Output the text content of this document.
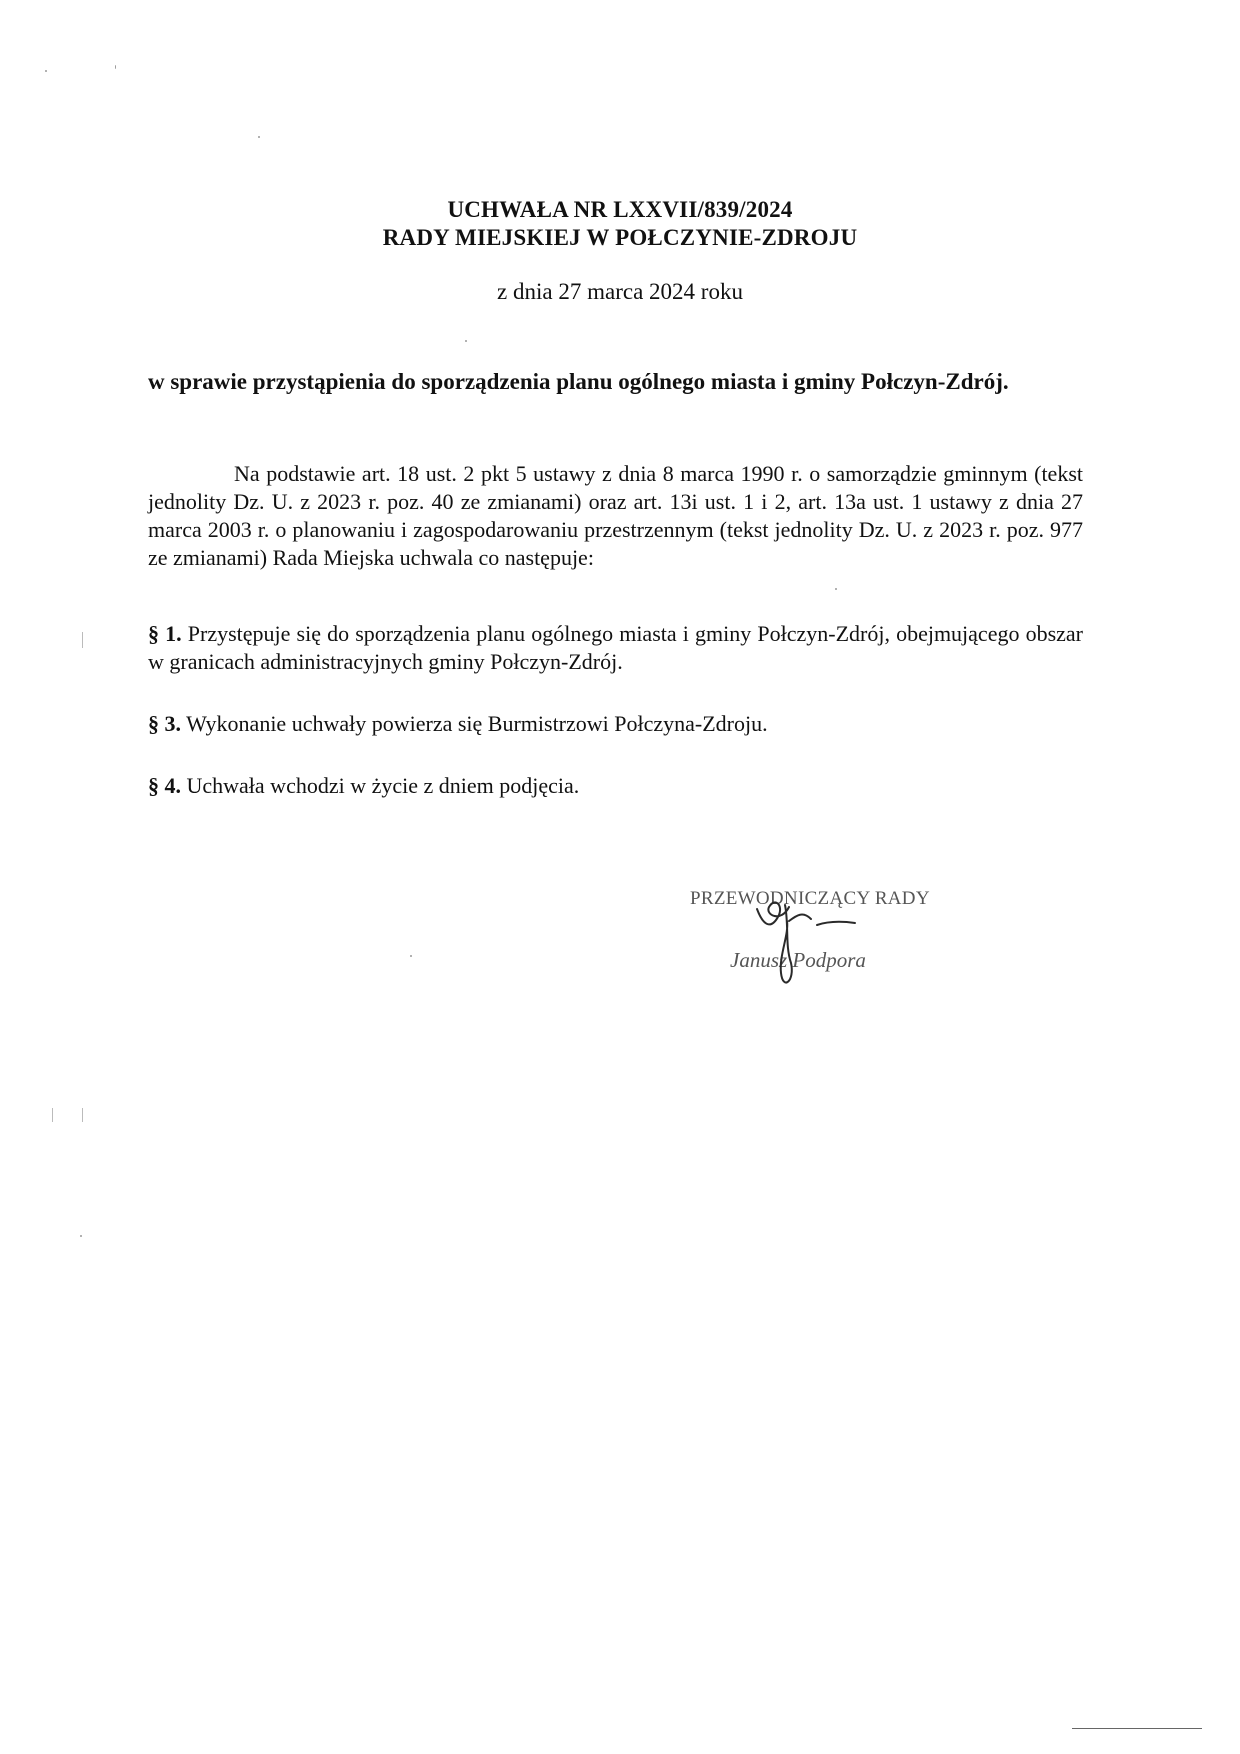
UCHWAŁA NR LXXVII/839/2024
RADY MIEJSKIEJ W POŁCZYNIE-ZDROJU
z dnia 27 marca 2024 roku
w sprawie przystąpienia do sporządzenia planu ogólnego miasta i gminy Połczyn-Zdrój.
Na podstawie art. 18 ust. 2 pkt 5 ustawy z dnia 8 marca 1990 r. o samorządzie gminnym (tekst jednolity Dz. U. z 2023 r. poz. 40 ze zmianami) oraz art. 13i ust. 1 i 2, art. 13a ust. 1 ustawy z dnia 27 marca 2003 r. o planowaniu i zagospodarowaniu przestrzennym (tekst jednolity Dz. U. z 2023 r. poz. 977 ze zmianami) Rada Miejska uchwala co następuje:
§ 1. Przystępuje się do sporządzenia planu ogólnego miasta i gminy Połczyn-Zdrój, obejmującego obszar w granicach administracyjnych gminy Połczyn-Zdrój.
§ 3. Wykonanie uchwały powierza się Burmistrzowi Połczyna-Zdroju.
§ 4. Uchwała wchodzi w życie z dniem podjęcia.
PRZEWODNICZĄCY RADY
Janusz Podpora
